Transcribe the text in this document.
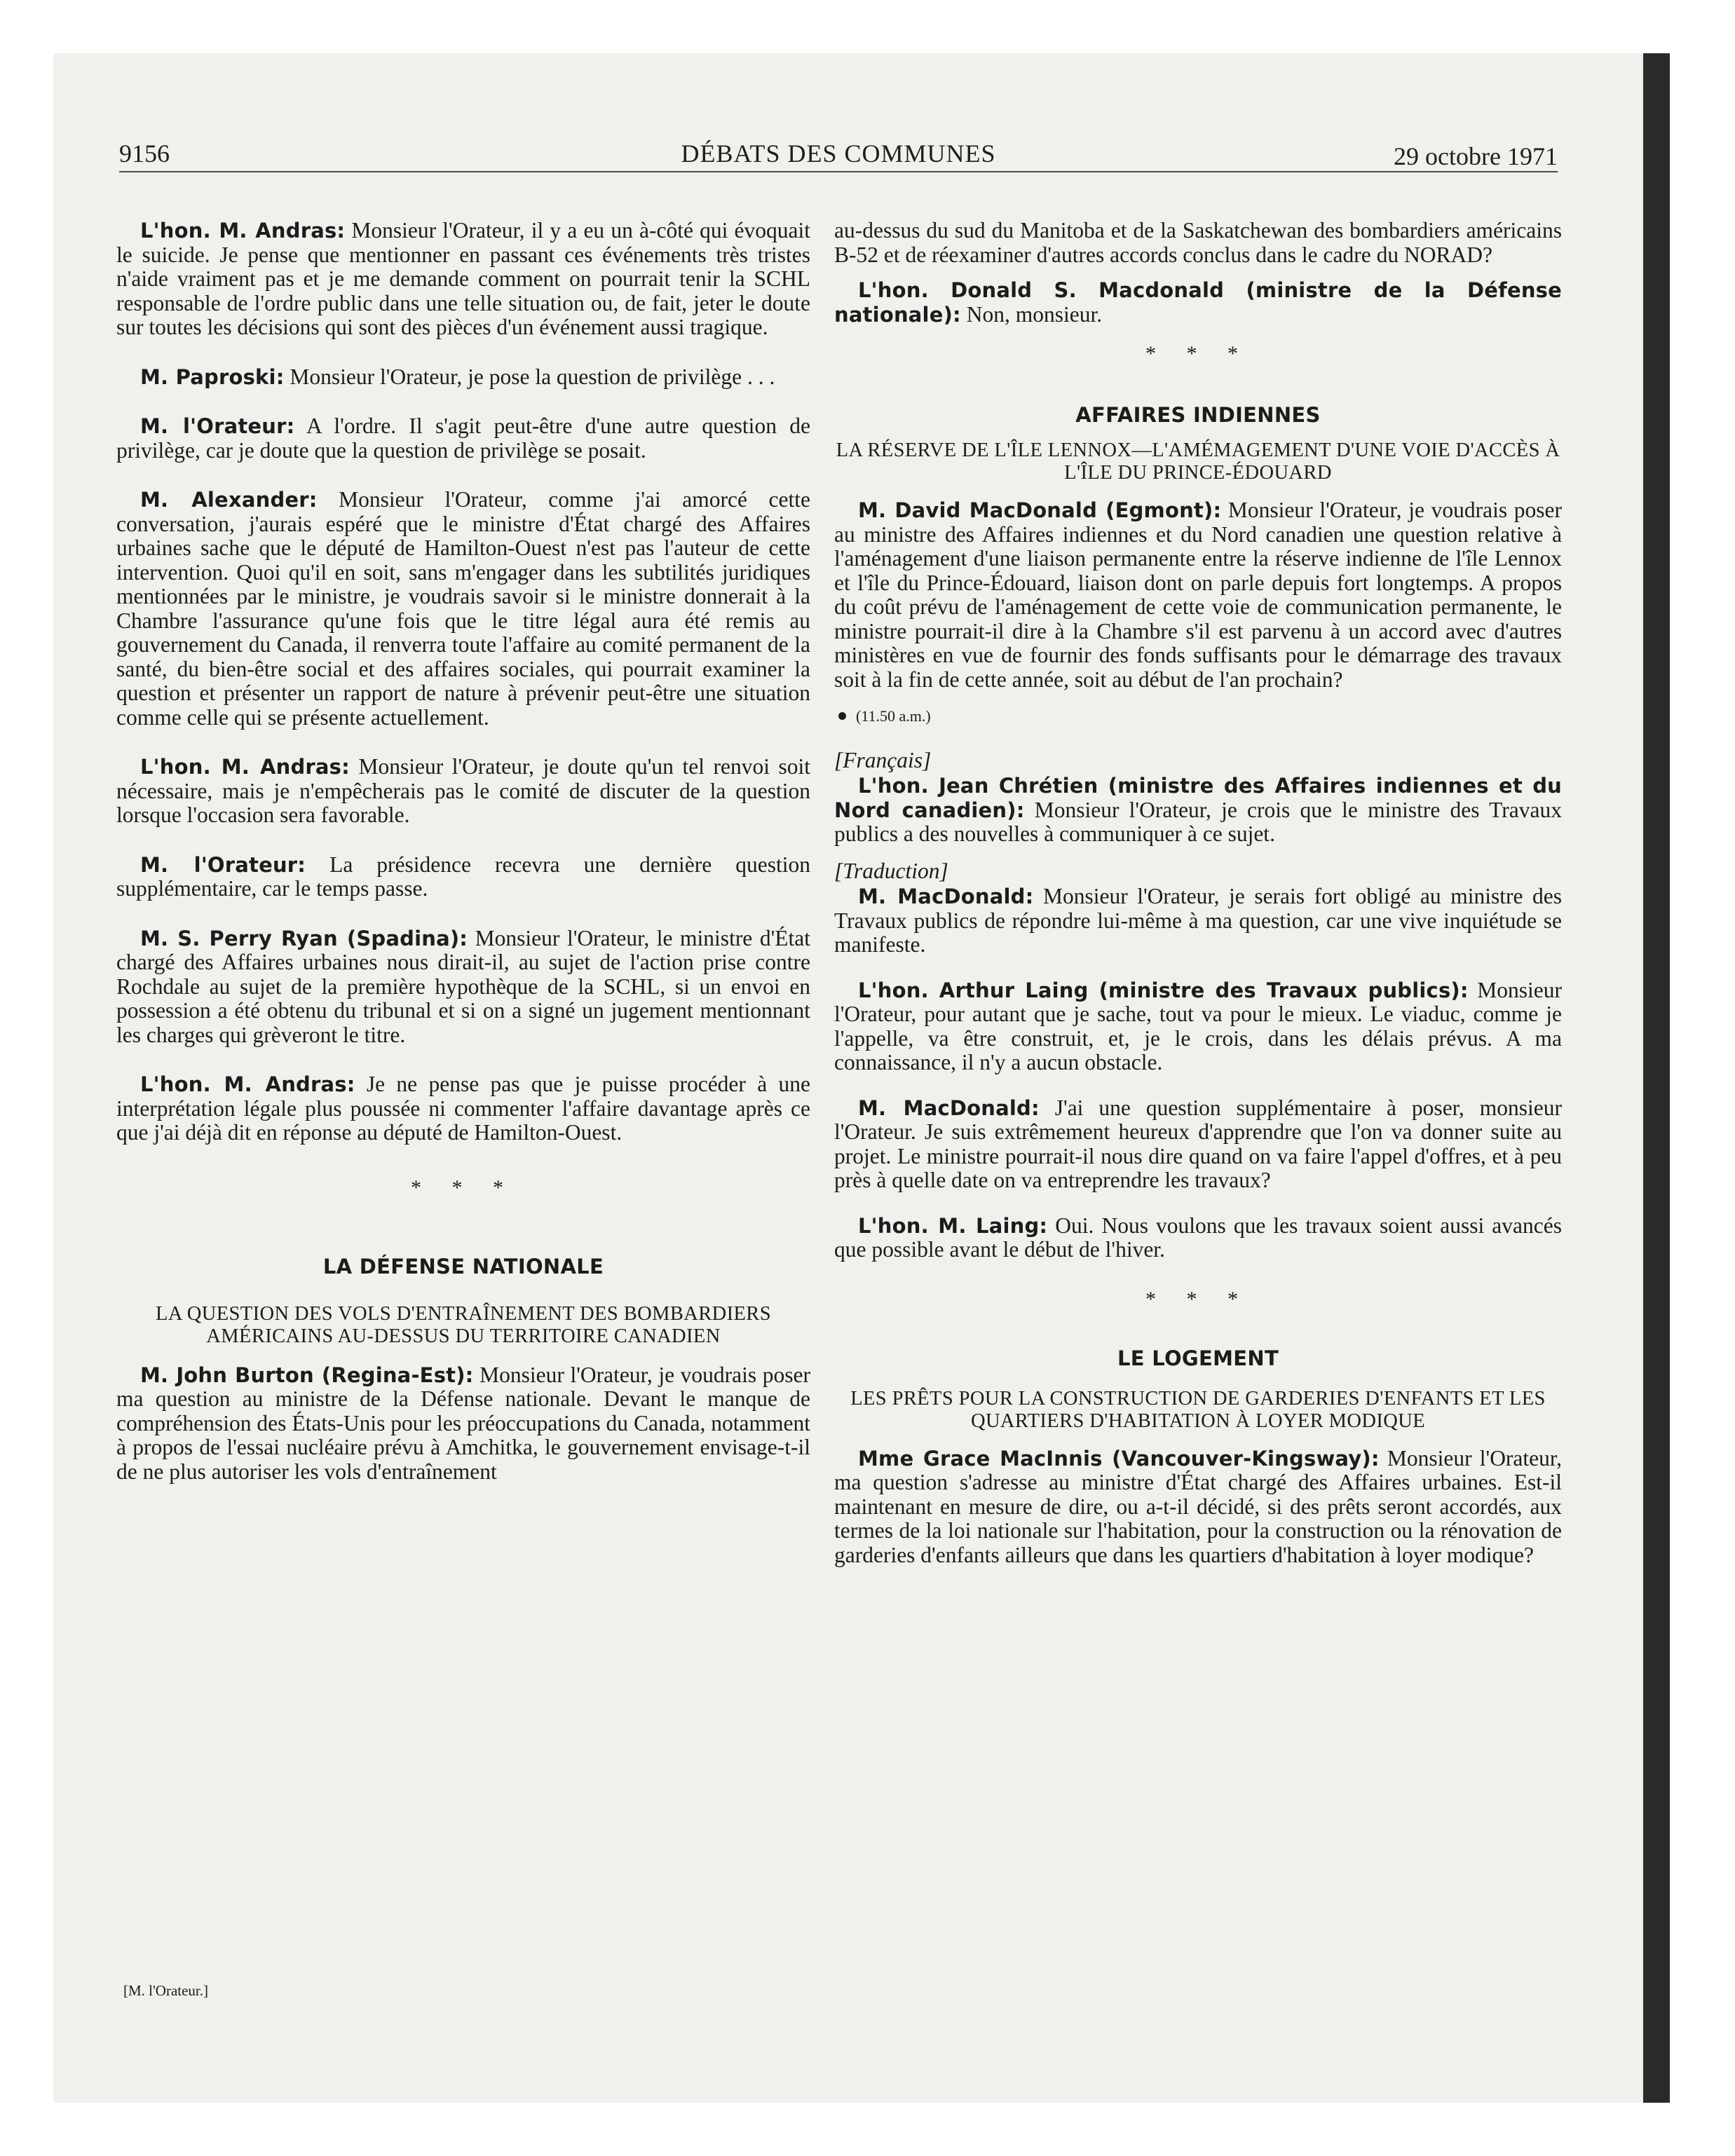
9156	DÉBATS DES COMMUNES	29 octobre 1971

L'hon. M. Andras: Monsieur l'Orateur, il y a eu un à-côté qui évoquait le suicide. Je pense que mentionner en passant ces événements très tristes n'aide vraiment pas et je me demande comment on pourrait tenir la SCHL responsable de l'ordre public dans une telle situation ou, de fait, jeter le doute sur toutes les décisions qui sont des pièces d'un événement aussi tragique.

M. Paproski: Monsieur l'Orateur, je pose la question de privilège . . .

M. l'Orateur: A l'ordre. Il s'agit peut-être d'une autre question de privilège, car je doute que la question de privilège se posait.

M. Alexander: Monsieur l'Orateur, comme j'ai amorcé cette conversation, j'aurais espéré que le ministre d'État chargé des Affaires urbaines sache que le député de Hamilton-Ouest n'est pas l'auteur de cette intervention. Quoi qu'il en soit, sans m'engager dans les subtilités juridiques mentionnées par le ministre, je voudrais savoir si le ministre donnerait à la Chambre l'assurance qu'une fois que le titre légal aura été remis au gouvernement du Canada, il renverra toute l'affaire au comité permanent de la santé, du bien-être social et des affaires sociales, qui pourrait examiner la question et présenter un rapport de nature à prévenir peut-être une situation comme celle qui se présente actuellement.

L'hon. M. Andras: Monsieur l'Orateur, je doute qu'un tel renvoi soit nécessaire, mais je n'empêcherais pas le comité de discuter de la question lorsque l'occasion sera favorable.

M. l'Orateur: La présidence recevra une dernière question supplémentaire, car le temps passe.

M. S. Perry Ryan (Spadina): Monsieur l'Orateur, le ministre d'État chargé des Affaires urbaines nous dirait-il, au sujet de l'action prise contre Rochdale au sujet de la première hypothèque de la SCHL, si un envoi en possession a été obtenu du tribunal et si on a signé un jugement mentionnant les charges qui grèveront le titre.

L'hon. M. Andras: Je ne pense pas que je puisse procéder à une interprétation légale plus poussée ni commenter l'affaire davantage après ce que j'ai déjà dit en réponse au député de Hamilton-Ouest.

* * *

LA DÉFENSE NATIONALE

LA QUESTION DES VOLS D'ENTRAÎNEMENT DES BOMBARDIERS AMÉRICAINS AU-DESSUS DU TERRITOIRE CANADIEN

M. John Burton (Regina-Est): Monsieur l'Orateur, je voudrais poser ma question au ministre de la Défense nationale. Devant le manque de compréhension des États-Unis pour les préoccupations du Canada, notamment à propos de l'essai nucléaire prévu à Amchitka, le gouvernement envisage-t-il de ne plus autoriser les vols d'entraînement

au-dessus du sud du Manitoba et de la Saskatchewan des bombardiers américains B-52 et de réexaminer d'autres accords conclus dans le cadre du NORAD?

L'hon. Donald S. Macdonald (ministre de la Défense nationale): Non, monsieur.

* * *

AFFAIRES INDIENNES

LA RÉSERVE DE L'ÎLE LENNOX—L'AMÉMAGEMENT D'UNE VOIE D'ACCÈS À L'ÎLE DU PRINCE-ÉDOUARD

M. David MacDonald (Egmont): Monsieur l'Orateur, je voudrais poser au ministre des Affaires indiennes et du Nord canadien une question relative à l'aménagement d'une liaison permanente entre la réserve indienne de l'île Lennox et l'île du Prince-Édouard, liaison dont on parle depuis fort longtemps. A propos du coût prévu de l'aménagement de cette voie de communication permanente, le ministre pourrait-il dire à la Chambre s'il est parvenu à un accord avec d'autres ministères en vue de fournir des fonds suffisants pour le démarrage des travaux soit à la fin de cette année, soit au début de l'an prochain?

(11.50 a.m.)

[Français]

L'hon. Jean Chrétien (ministre des Affaires indiennes et du Nord canadien): Monsieur l'Orateur, je crois que le ministre des Travaux publics a des nouvelles à communiquer à ce sujet.

[Traduction]

M. MacDonald: Monsieur l'Orateur, je serais fort obligé au ministre des Travaux publics de répondre lui-même à ma question, car une vive inquiétude se manifeste.

L'hon. Arthur Laing (ministre des Travaux publics): Monsieur l'Orateur, pour autant que je sache, tout va pour le mieux. Le viaduc, comme je l'appelle, va être construit, et, je le crois, dans les délais prévus. A ma connaissance, il n'y a aucun obstacle.

M. MacDonald: J'ai une question supplémentaire à poser, monsieur l'Orateur. Je suis extrêmement heureux d'apprendre que l'on va donner suite au projet. Le ministre pourrait-il nous dire quand on va faire l'appel d'offres, et à peu près à quelle date on va entreprendre les travaux?

L'hon. M. Laing: Oui. Nous voulons que les travaux soient aussi avancés que possible avant le début de l'hiver.

* * *

LE LOGEMENT

LES PRÊTS POUR LA CONSTRUCTION DE GARDERIES D'ENFANTS ET LES QUARTIERS D'HABITATION À LOYER MODIQUE

Mme Grace MacInnis (Vancouver-Kingsway): Monsieur l'Orateur, ma question s'adresse au ministre d'État chargé des Affaires urbaines. Est-il maintenant en mesure de dire, ou a-t-il décidé, si des prêts seront accordés, aux termes de la loi nationale sur l'habitation, pour la construction ou la rénovation de garderies d'enfants ailleurs que dans les quartiers d'habitation à loyer modique?

[M. l'Orateur.]
